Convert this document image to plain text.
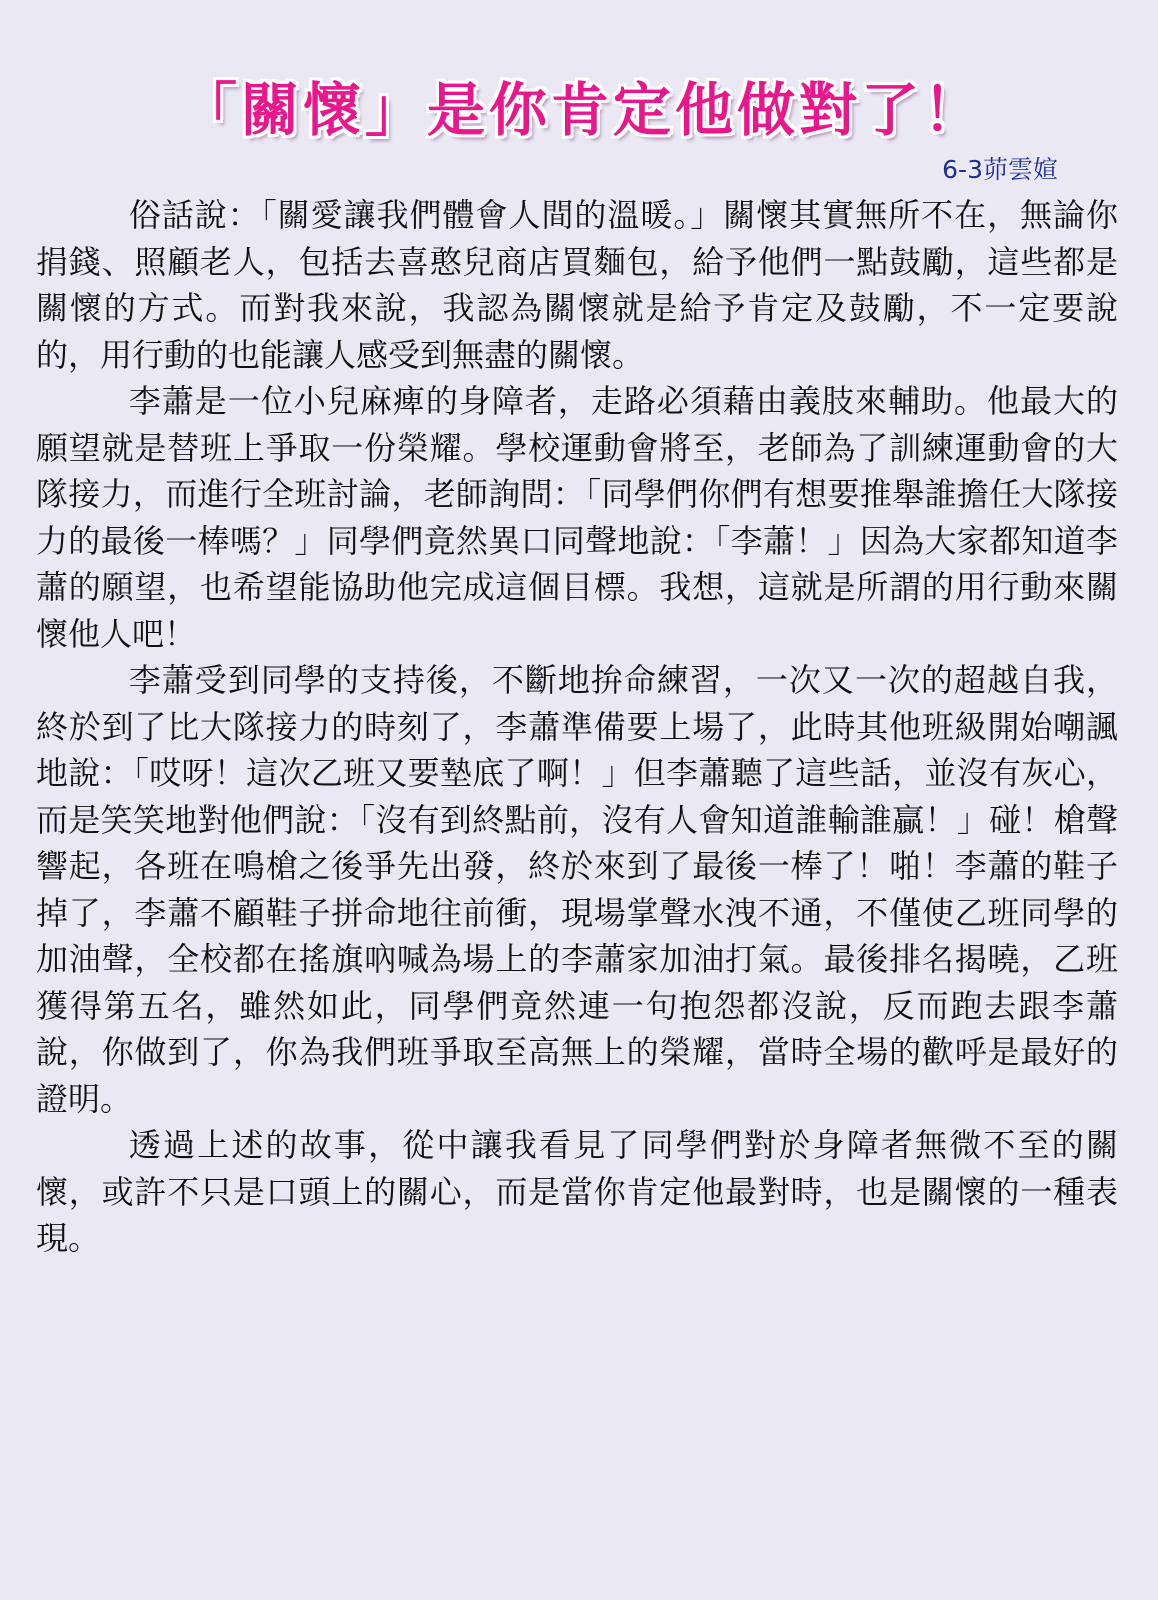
「關懷」是你肯定他做對了！
6-3茆雲媗

俗話說：「關愛讓我們體會人間的溫暖。」關懷其實無所不在，無論你捐錢、照顧老人，包括去喜憨兒商店買麵包，給予他們一點鼓勵，這些都是關懷的方式。而對我來說，我認為關懷就是給予肯定及鼓勵，不一定要說的，用行動的也能讓人感受到無盡的關懷。

李蕭是一位小兒麻痺的身障者，走路必須藉由義肢來輔助。他最大的願望就是替班上爭取一份榮耀。學校運動會將至，老師為了訓練運動會的大隊接力，而進行全班討論，老師詢問：「同學們你們有想要推舉誰擔任大隊接力的最後一棒嗎？」同學們竟然異口同聲地說：「李蕭！」因為大家都知道李蕭的願望，也希望能協助他完成這個目標。我想，這就是所謂的用行動來關懷他人吧！

李蕭受到同學的支持後，不斷地拚命練習，一次又一次的超越自我，終於到了比大隊接力的時刻了，李蕭準備要上場了，此時其他班級開始嘲諷地說：「哎呀！這次乙班又要墊底了啊！」但李蕭聽了這些話，並沒有灰心，而是笑笑地對他們說：「沒有到終點前，沒有人會知道誰輸誰贏！」碰！槍聲響起，各班在鳴槍之後爭先出發，終於來到了最後一棒了！啪！李蕭的鞋子掉了，李蕭不顧鞋子拼命地往前衝，現場掌聲水洩不通，不僅使乙班同學的加油聲，全校都在搖旗吶喊為場上的李蕭家加油打氣。最後排名揭曉，乙班獲得第五名，雖然如此，同學們竟然連一句抱怨都沒說，反而跑去跟李蕭說，你做到了，你為我們班爭取至高無上的榮耀，當時全場的歡呼是最好的證明。

透過上述的故事，從中讓我看見了同學們對於身障者無微不至的關懷，或許不只是口頭上的關心，而是當你肯定他最對時，也是關懷的一種表現。
